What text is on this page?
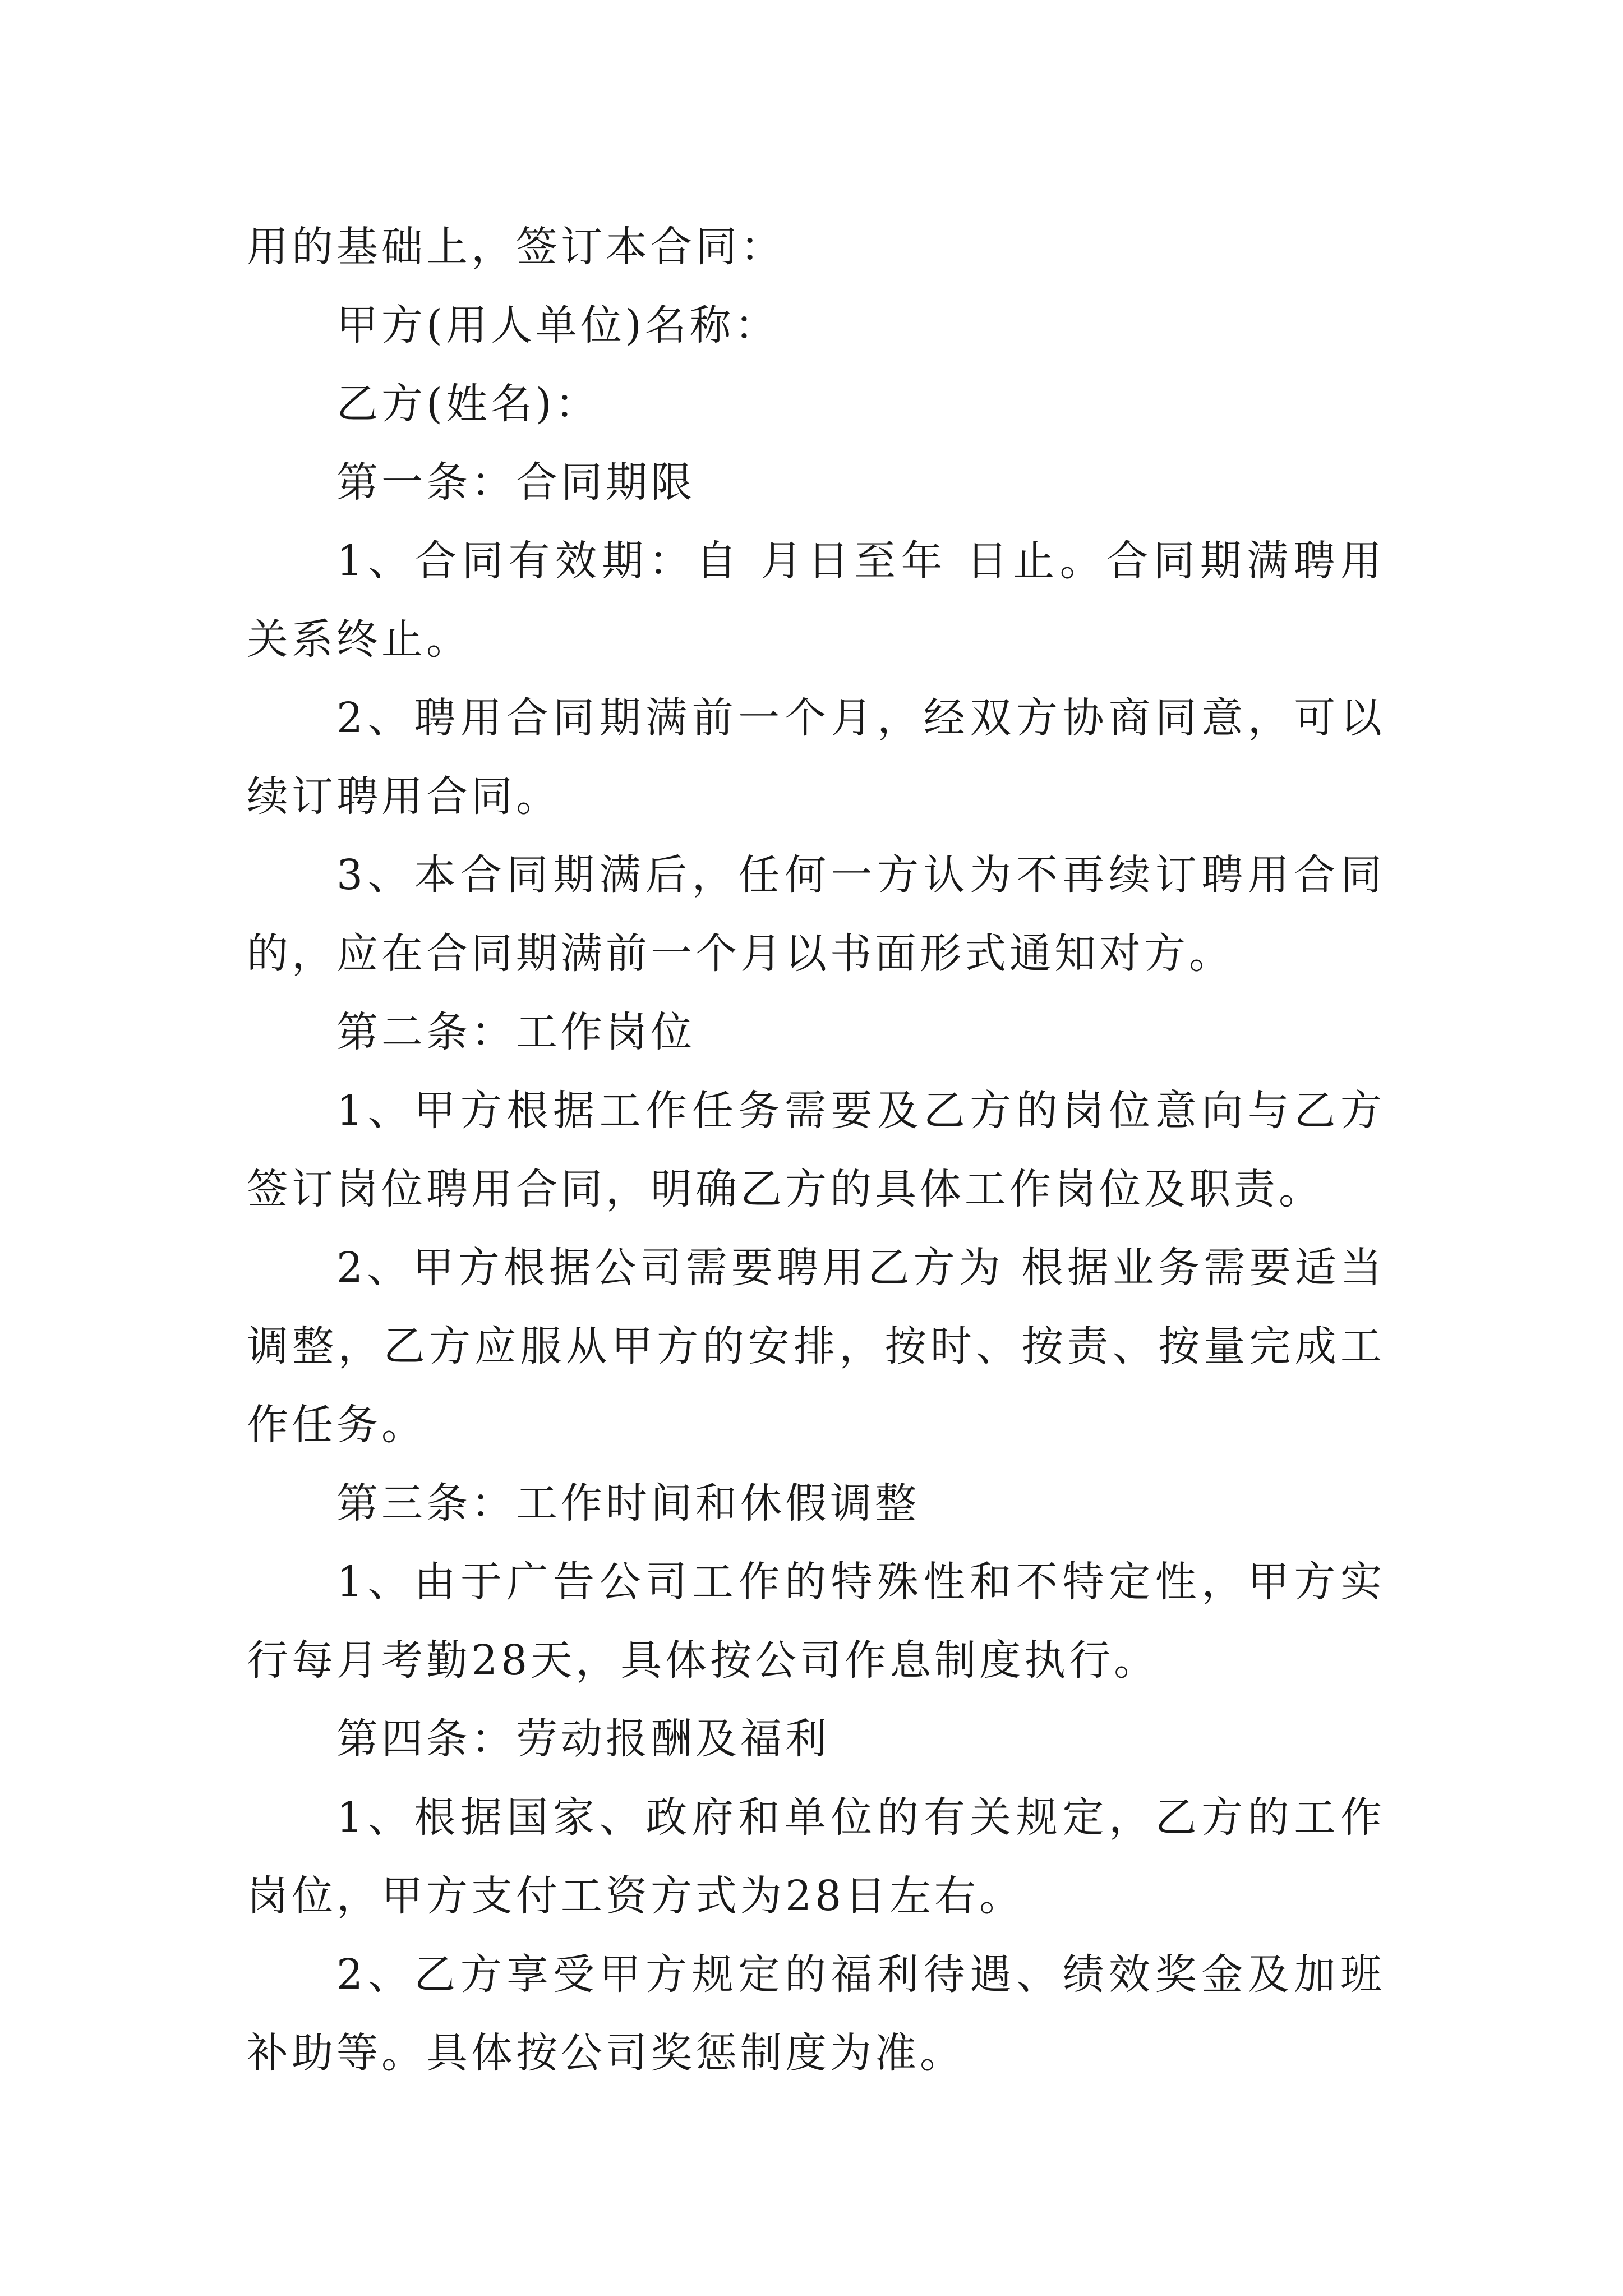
用的基础上，签订本合同：

甲方(用人单位)名称：

乙方(姓名)：

第一条：合同期限

1、合同有效期：自 月日至年 日止。合同期满聘用关系终止。

2、聘用合同期满前一个月，经双方协商同意，可以续订聘用合同。

3、本合同期满后，任何一方认为不再续订聘用合同的，应在合同期满前一个月以书面形式通知对方。

第二条：工作岗位

1、甲方根据工作任务需要及乙方的岗位意向与乙方签订岗位聘用合同，明确乙方的具体工作岗位及职责。

2、甲方根据公司需要聘用乙方为 根据业务需要适当调整，乙方应服从甲方的安排，按时、按责、按量完成工作任务。

第三条：工作时间和休假调整

1、由于广告公司工作的特殊性和不特定性，甲方实行每月考勤28天，具体按公司作息制度执行。

第四条：劳动报酬及福利

1、根据国家、政府和单位的有关规定，乙方的工作岗位，甲方支付工资方式为28日左右。

2、乙方享受甲方规定的福利待遇、绩效奖金及加班补助等。具体按公司奖惩制度为准。
